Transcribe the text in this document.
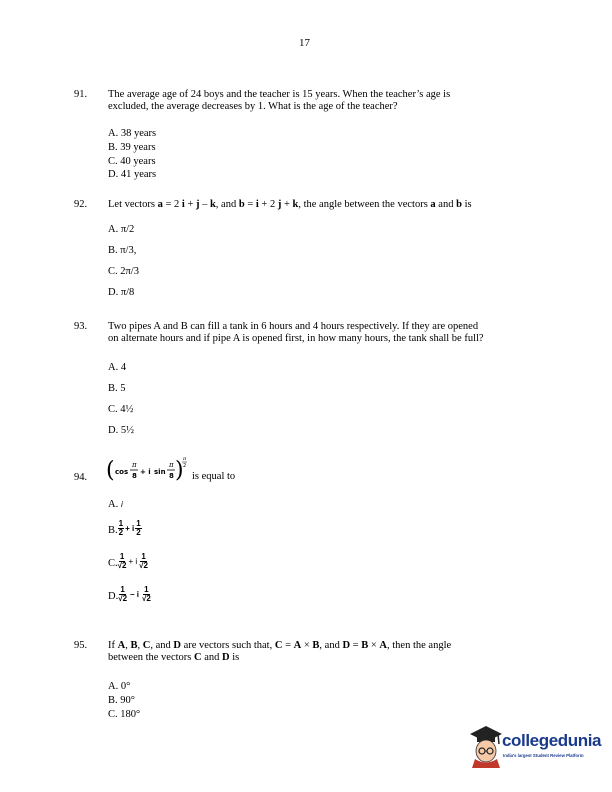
17
91. The average age of 24 boys and the teacher is 15 years. When the teacher’s age is
excluded, the average decreases by 1. What is the age of the teacher?
A. 38 years
B. 39 years
C. 40 years
D. 41 years
92. Let vectors a = 2 i + j – k, and b = i + 2 j + k, the angle between the vectors a and b is
A. π/2
B. π/3,
C. 2π/3
D. π/8
93. Two pipes A and B can fill a tank in 6 hours and 4 hours respectively. If they are opened
on alternate hours and if pipe A is opened first, in how many hours, the tank shall be full?
A. 4
B. 5
C. 4½
D. 5½
94. ( cos
π
8 + i sin
π
8 ) π
2
is equal to
A. i
B. $\frac{1}{2} + i \frac{1}{2}$
C. $\frac{1}{√2} + i \frac{1}{√2}$
D. $\frac{1}{√2}$ – i $\frac{1}{√2}$
95. If A, B, C, and D are vectors such that, C = A × B, and D = B × A, then the angle
between the vectors C and D is
A. 0°
B. 90°
C. 180°
collegedunia
India's largest Student Review Platform
